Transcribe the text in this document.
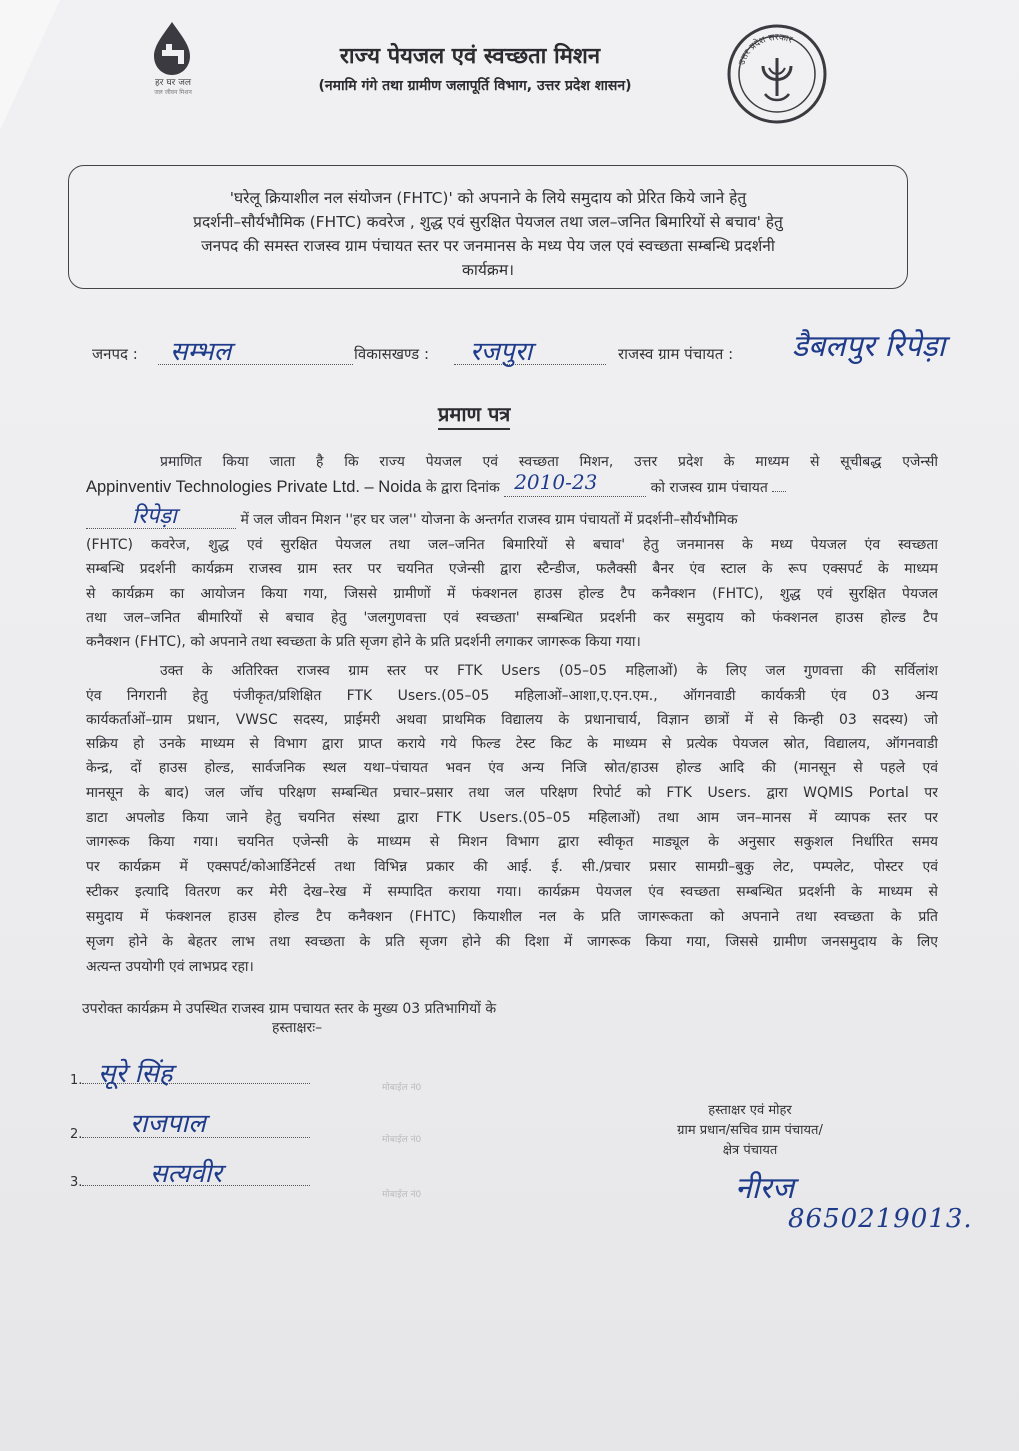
हर घर जल
जल जीवन मिशन
उत्तर प्रदेश सरकार
राज्य पेयजल एवं स्वच्छता मिशन
(नमामि गंगे तथा ग्रामीण जलापूर्ति विभाग, उत्तर प्रदेश शासन)
'घरेलू क्रियाशील नल संयोजन (FHTC)' को अपनाने के लिये समुदाय को प्रेरित किये जाने हेतु
प्रदर्शनी–सौर्यभौमिक (FHTC) कवरेज , शुद्ध एवं सुरक्षित पेयजल तथा जल–जनित बिमारियों से बचाव' हेतु
जनपद की समस्त राजस्व ग्राम पंचायत स्तर पर जनमानस के मध्य पेय जल एवं स्वच्छता सम्बन्धि प्रदर्शनी
कार्यक्रम।
जनपद : सम्भल	विकासखण्ड : रजपुरा	राजस्व ग्राम पंचायत : डैबलपुर रिपेड़ा
प्रमाण पत्र
प्रमाणित किया जाता है कि राज्य पेयजल एवं स्वच्छता मिशन, उत्तर प्रदेश के माध्यम से सूचीबद्ध एजेन्सी
Appinventiv Technologies Private Ltd. – Noida के द्वारा दिनांक 2010-23	को राजस्व ग्राम पंचायत
रिपेड़ा	में जल जीवन मिशन ''हर घर जल'' योजना के अन्तर्गत राजस्व ग्राम पंचायतों में प्रदर्शनी–सौर्यभौमिक
(FHTC) कवरेज, शुद्ध एवं सुरक्षित पेयजल तथा जल–जनित बिमारियों से बचाव' हेतु जनमानस के मध्य पेयजल एंव स्वच्छता
सम्बन्धि प्रदर्शनी कार्यक्रम राजस्व ग्राम स्तर पर चयनित एजेन्सी द्वारा स्टैन्डीज, फलैक्सी बैनर एंव स्टाल के रूप एक्सपर्ट के माध्यम
से कार्यक्रम का आयोजन किया गया, जिससे ग्रामीणों में फंक्शनल हाउस होल्ड टैप कनैक्शन (FHTC), शुद्ध एवं सुरक्षित पेयजल
तथा जल–जनित बीमारियों से बचाव हेतु 'जलगुणवत्ता एवं स्वच्छता' सम्बन्धित प्रदर्शनी कर समुदाय को फंक्शनल हाउस होल्ड टैप
कनैक्शन (FHTC), को अपनाने तथा स्वच्छता के प्रति सृजग होने के प्रति प्रदर्शनी लगाकर जागरूक किया गया।
उक्त के अतिरिक्त राजस्व ग्राम स्तर पर FTK Users (05–05 महिलाओं) के लिए जल गुणवत्ता की सर्विलांश
एंव निगरानी हेतु पंजीकृत/प्रशिक्षित FTK Users.(05–05 महिलाओं–आशा,ए.एन.एम., ऑगनवाडी कार्यकत्री एंव 03 अन्य
कार्यकर्ताओं–ग्राम प्रधान, VWSC सदस्य, प्राईमरी अथवा प्राथमिक विद्यालय के प्रधानाचार्य, विज्ञान छात्रों में से किन्ही 03 सदस्य) जो
सक्रिय हो उनके माध्यम से विभाग द्वारा प्राप्त कराये गये फिल्ड टेस्ट किट के माध्यम से प्रत्येक पेयजल स्रोत, विद्यालय, ऑगनवाडी
केन्द्र, दों हाउस होल्ड, सार्वजनिक स्थल यथा–पंचायत भवन एंव अन्य निजि स्रोत/हाउस होल्ड आदि की (मानसून से पहले एवं
मानसून के बाद) जल जॉच परिक्षण सम्बन्धित प्रचार–प्रसार तथा जल परिक्षण रिपोर्ट को FTK Users. द्वारा WQMIS Portal पर
डाटा अपलोड किया जाने हेतु चयनित संस्था द्वारा FTK Users.(05–05 महिलाओं) तथा आम जन–मानस में व्यापक स्तर पर
जागरूक किया गया। चयनित एजेन्सी के माध्यम से मिशन विभाग द्वारा स्वीकृत माड्यूल के अनुसार सकुशल निर्धारित समय
पर कार्यक्रम में एक्सपर्ट/कोआर्डिनेटर्स तथा विभिन्न प्रकार की आई. ई. सी./प्रचार प्रसार सामग्री–बुकु लेट, पम्पलेट, पोस्टर एवं
स्टीकर इत्यादि वितरण कर मेरी देख–रेख में सम्पादित कराया गया। कार्यक्रम पेयजल एंव स्वच्छता सम्बन्धित प्रदर्शनी के माध्यम से
समुदाय में फंक्शनल हाउस होल्ड टैप कनैक्शन (FHTC) कियाशील नल के प्रति जागरूकता को अपनाने तथा स्वच्छता के प्रति
सृजग होने के बेहतर लाभ तथा स्वच्छता के प्रति सृजग होने की दिशा में जागरूक किया गया, जिससे ग्रामीण जनसमुदाय के लिए
अत्यन्त उपयोगी एवं लाभप्रद रहा।
उपरोक्त कार्यक्रम मे उपस्थित राजस्व ग्राम पचायत स्तर के मुख्य 03 प्रतिभागियों के
हस्ताक्षरः–
1. सूरे सिंह	मोबाईल नं0
2. राजपाल
मोबाईल नं0
3.	सत्यवीर
मोबाईल नं0
हस्ताक्षर एवं मोहर
ग्राम प्रधान/सचिव ग्राम पंचायत/
क्षेत्र पंचायत
नीरज
8650219013.
